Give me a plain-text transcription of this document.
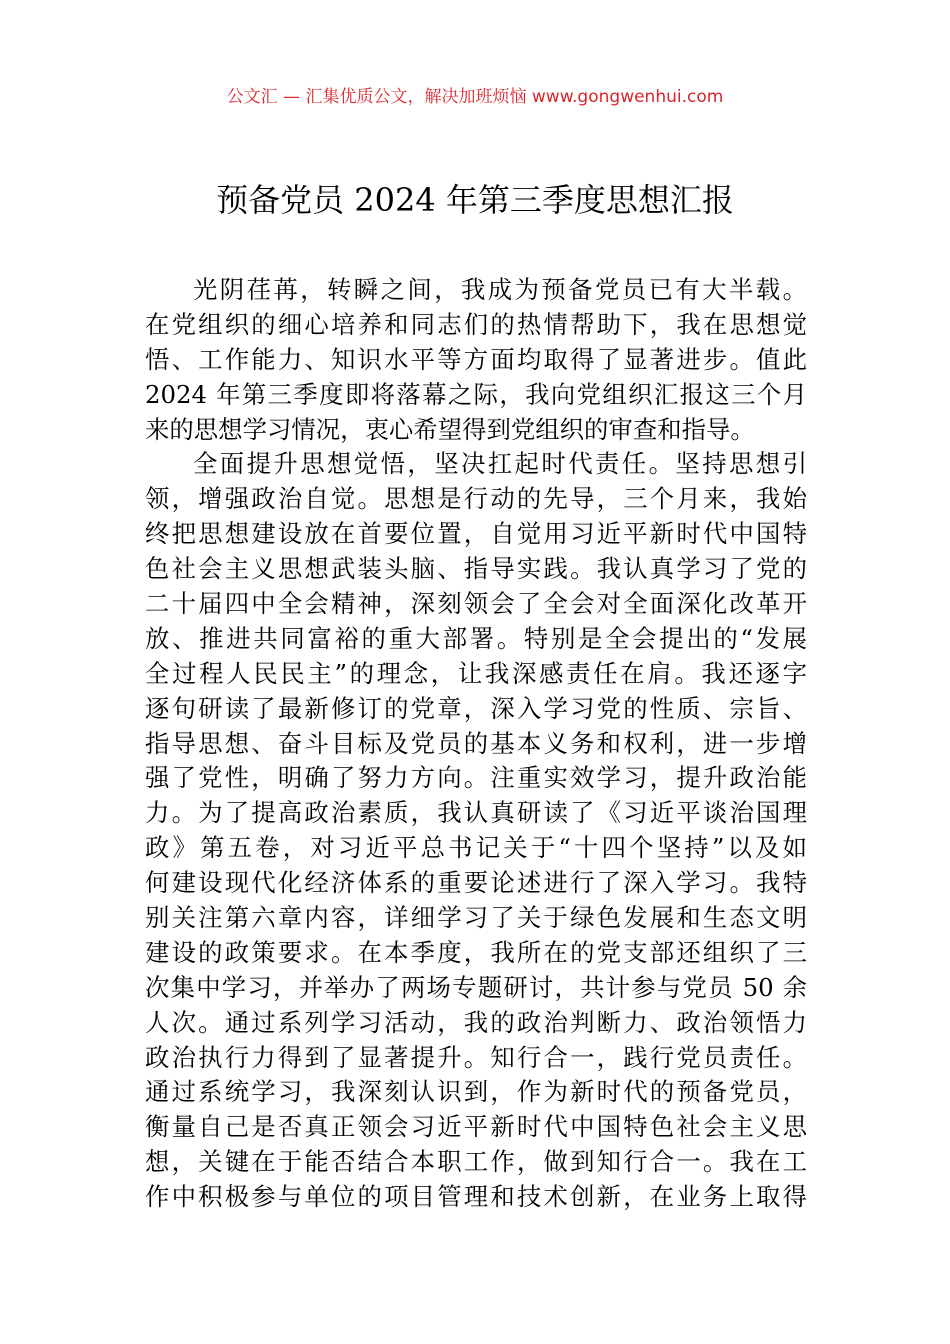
公文汇 — 汇集优质公文，解决加班烦恼 www.gongwenhui.com
预备党员 2024 年第三季度思想汇报
光阴荏苒，转瞬之间，我成为预备党员已有大半载。
在党组织的细心培养和同志们的热情帮助下，我在思想觉
悟、工作能力、知识水平等方面均取得了显著进步。值此
2024 年第三季度即将落幕之际，我向党组织汇报这三个月
来的思想学习情况，衷心希望得到党组织的审查和指导。
全面提升思想觉悟，坚决扛起时代责任。坚持思想引
领，增强政治自觉。思想是行动的先导，三个月来，我始
终把思想建设放在首要位置，自觉用习近平新时代中国特
色社会主义思想武装头脑、指导实践。我认真学习了党的
二十届四中全会精神，深刻领会了全会对全面深化改革开
放、推进共同富裕的重大部署。特别是全会提出的“发展
全过程人民民主”的理念，让我深感责任在肩。我还逐字
逐句研读了最新修订的党章，深入学习党的性质、宗旨、
指导思想、奋斗目标及党员的基本义务和权利，进一步增
强了党性，明确了努力方向。注重实效学习，提升政治能
力。为了提高政治素质，我认真研读了《习近平谈治国理
政》第五卷，对习近平总书记关于“十四个坚持”以及如
何建设现代化经济体系的重要论述进行了深入学习。我特
别关注第六章内容，详细学习了关于绿色发展和生态文明
建设的政策要求。在本季度，我所在的党支部还组织了三
次集中学习，并举办了两场专题研讨，共计参与党员 50 余
人次。通过系列学习活动，我的政治判断力、政治领悟力
政治执行力得到了显著提升。知行合一，践行党员责任。
通过系统学习，我深刻认识到，作为新时代的预备党员，
衡量自己是否真正领会习近平新时代中国特色社会主义思
想，关键在于能否结合本职工作，做到知行合一。我在工
作中积极参与单位的项目管理和技术创新，在业务上取得
